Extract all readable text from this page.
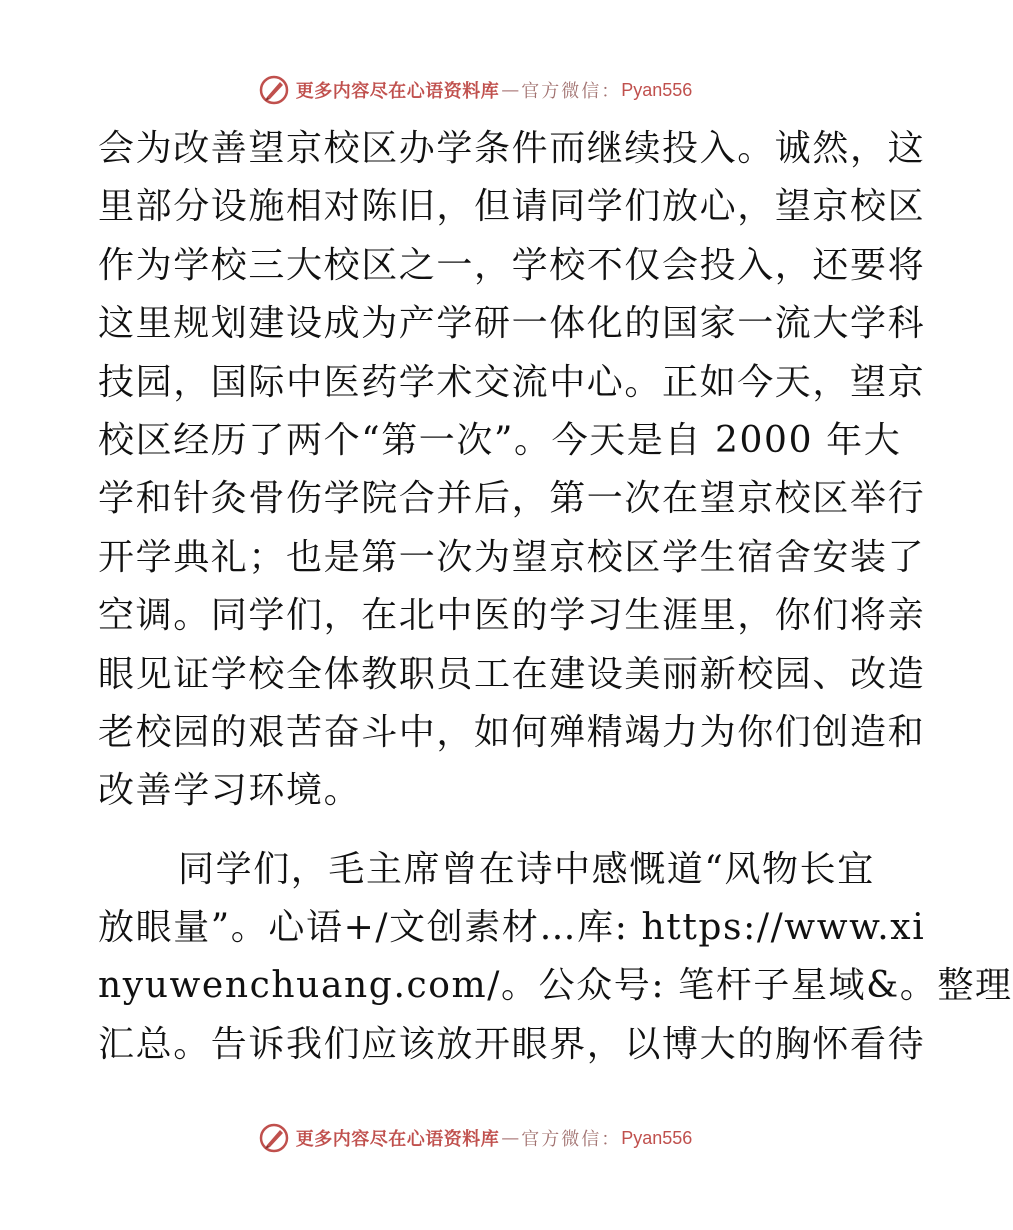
更多内容尽在心语资料库 — 官方微信： Pyan556
会为改善望京校区办学条件而继续投入。诚然，这
里部分设施相对陈旧，但请同学们放心，望京校区
作为学校三大校区之一，学校不仅会投入，还要将
这里规划建设成为产学研一体化的国家一流大学科
技园，国际中医药学术交流中心。正如今天，望京
校区经历了两个“第一次”。今天是自 2000 年大
学和针灸骨伤学院合并后，第一次在望京校区举行
开学典礼；也是第一次为望京校区学生宿舍安装了
空调。同学们，在北中医的学习生涯里，你们将亲
眼见证学校全体教职员工在建设美丽新校园、改造
老校园的艰苦奋斗中，如何殚精竭力为你们创造和
改善学习环境。
同学们，毛主席曾在诗中感慨道“风物长宜
放眼量”。心语+/文创素材…库: https://www.xi
nyuwenchuang.com/。公众号: 笔杆子星域&。整理
汇总。告诉我们应该放开眼界，以博大的胸怀看待
更多内容尽在心语资料库 — 官方微信： Pyan556
